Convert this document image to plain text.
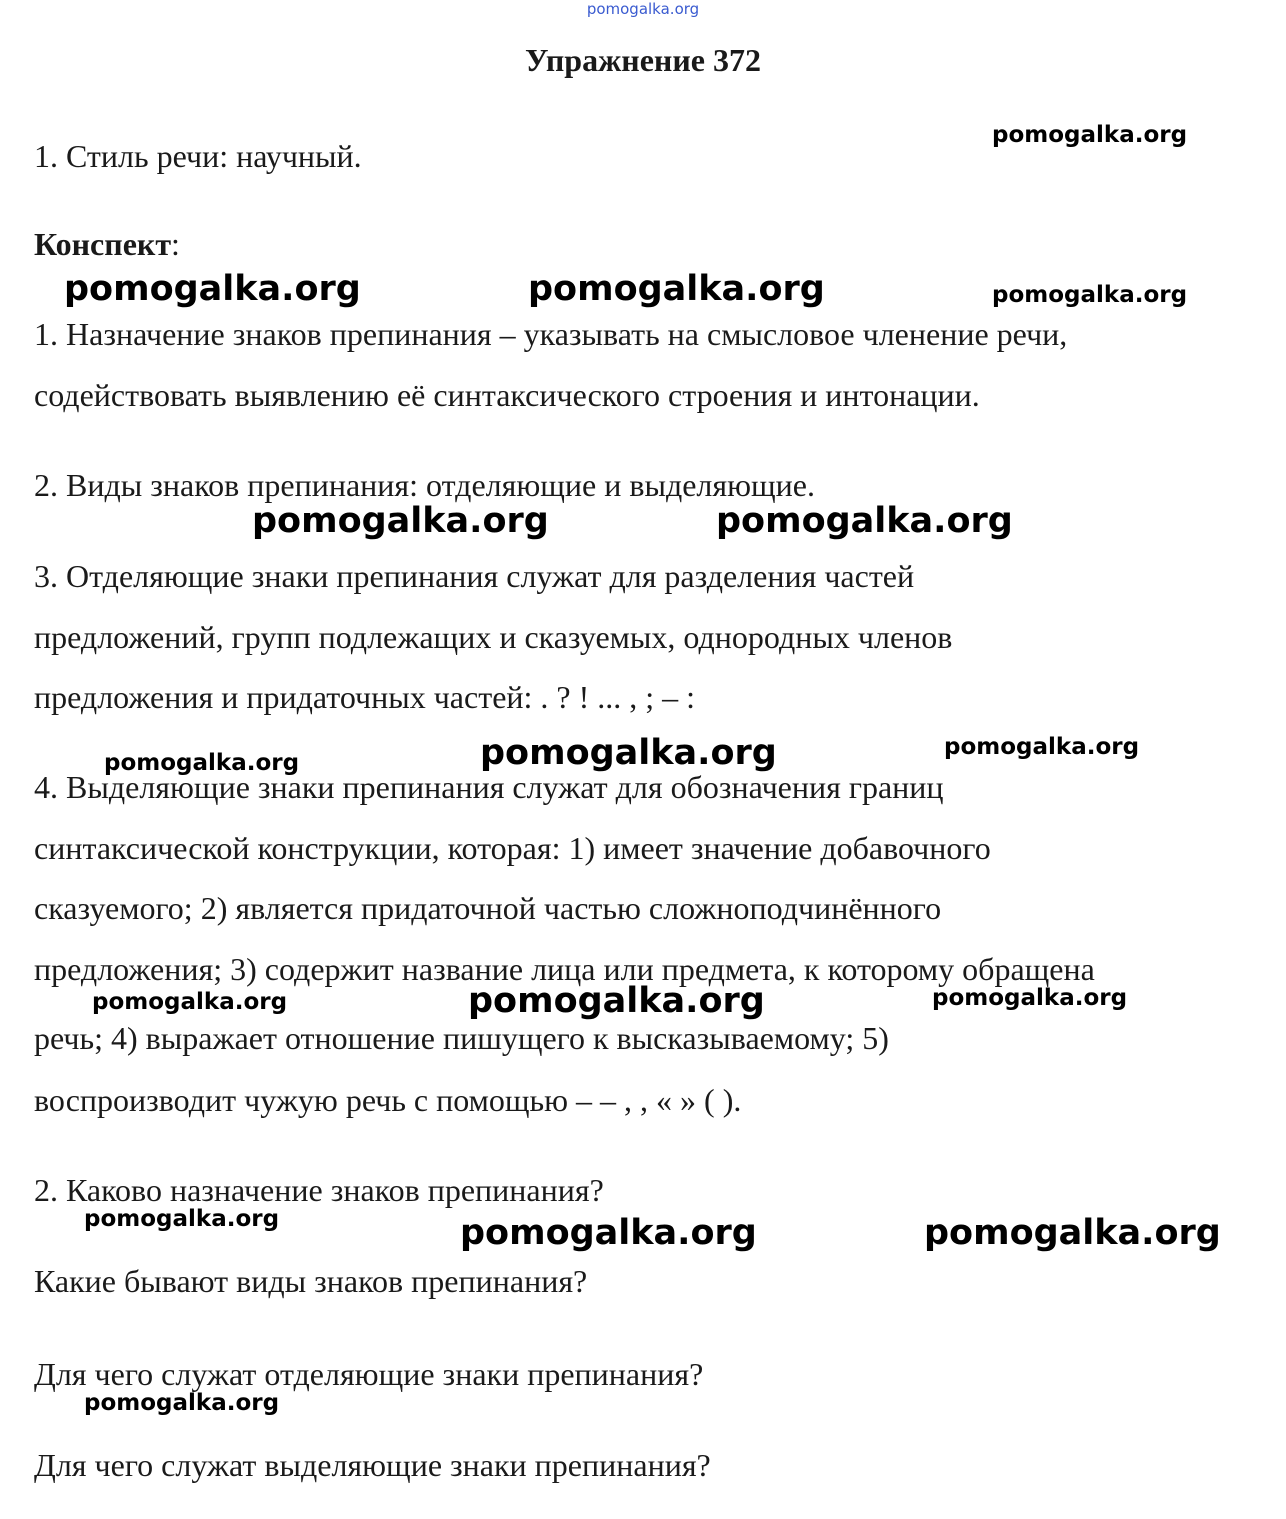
pomogalka.org
Упражнение 372

1. Стиль речи: научный.

Конспект:

1. Назначение знаков препинания – указывать на смысловое членение речи,

содействовать выявлению её синтаксического строения и интонации.

2. Виды знаков препинания: отделяющие и выделяющие.

3. Отделяющие знаки препинания служат для разделения частей

предложений, групп подлежащих и сказуемых, однородных членов

предложения и придаточных частей: . ? ! ... , ; – :

4. Выделяющие знаки препинания служат для обозначения границ

синтаксической конструкции, которая: 1) имеет значение добавочного

сказуемого; 2) является придаточной частью сложноподчинённого

предложения; 3) содержит название лица или предмета, к которому обращена

речь; 4) выражает отношение пишущего к высказываемому; 5)

воспроизводит чужую речь с помощью – – , , « » ( ).

2. Каково назначение знаков препинания?

Какие бывают виды знаков препинания?

Для чего служат отделяющие знаки препинания?

Для чего служат выделяющие знаки препинания?

pomogalka.org
pomogalka.org	pomogalka.org	pomogalka.org
pomogalka.org	pomogalka.org
pomogalka.org	pomogalka.org	pomogalka.org
pomogalka.org	pomogalka.org	pomogalka.org
pomogalka.org	pomogalka.org	pomogalka.org
pomogalka.org
